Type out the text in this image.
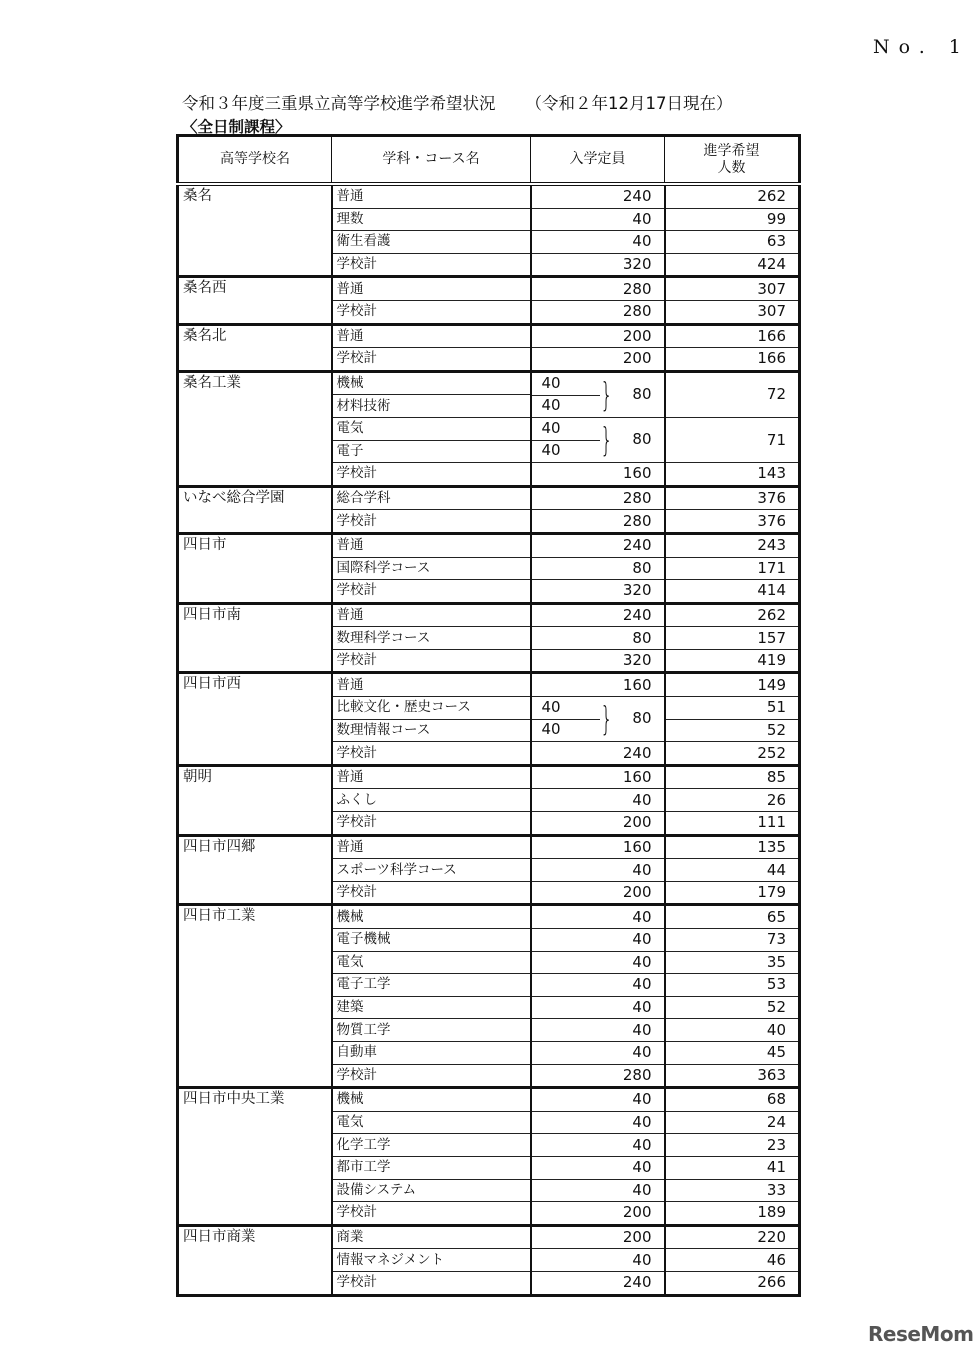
No. 1
令和３年度三重県立高等学校進学希望状況 （令和２年12月17日現在）
〈全日制課程〉
高等学校名	学科・コース名	入学定員	進学希望
人数
桑名	普通	240	262
	理数	40	99
	衛生看護	40	63
	学校計	320	424
桑名西	普通	280	307
	学校計	280	307
桑名北	普通	200	166
	学校計	200	166
桑名工業	機械	40 } 80	72
	材料技術	40	

	電気	40 } 80	71
	電子	40	

	学校計	160	143
いなべ総合学園	総合学科	280	376
	学校計	280	376
四日市	普通	240	243
	国際科学コース	80	171
	学校計	320	414
四日市南	普通	240	262
	数理科学コース	80	157
	学校計	320	419
四日市西	普通	160	149
	比較文化・歴史コース	40 } 80	51
	数理情報コース	40	52
	学校計	240	252
朝明	普通	160	85
	ふくし	40	26
	学校計	200	111
四日市四郷	普通	160	135
	スポーツ科学コース	40	44
	学校計	200	179
四日市工業	機械	40	65
	電子機械	40	73
	電気	40	35
	電子工学	40	53
	建築	40	52
	物質工学	40	40
	自動車	40	45
	学校計	280	363
四日市中央工業	機械	40	68
	電気	40	24
	化学工学	40	23
	都市工学	40	41
	設備システム	40	33
	学校計	200	189
四日市商業	商業	200	220
	情報マネジメント	40	46
	学校計	240	266
ReseMom
